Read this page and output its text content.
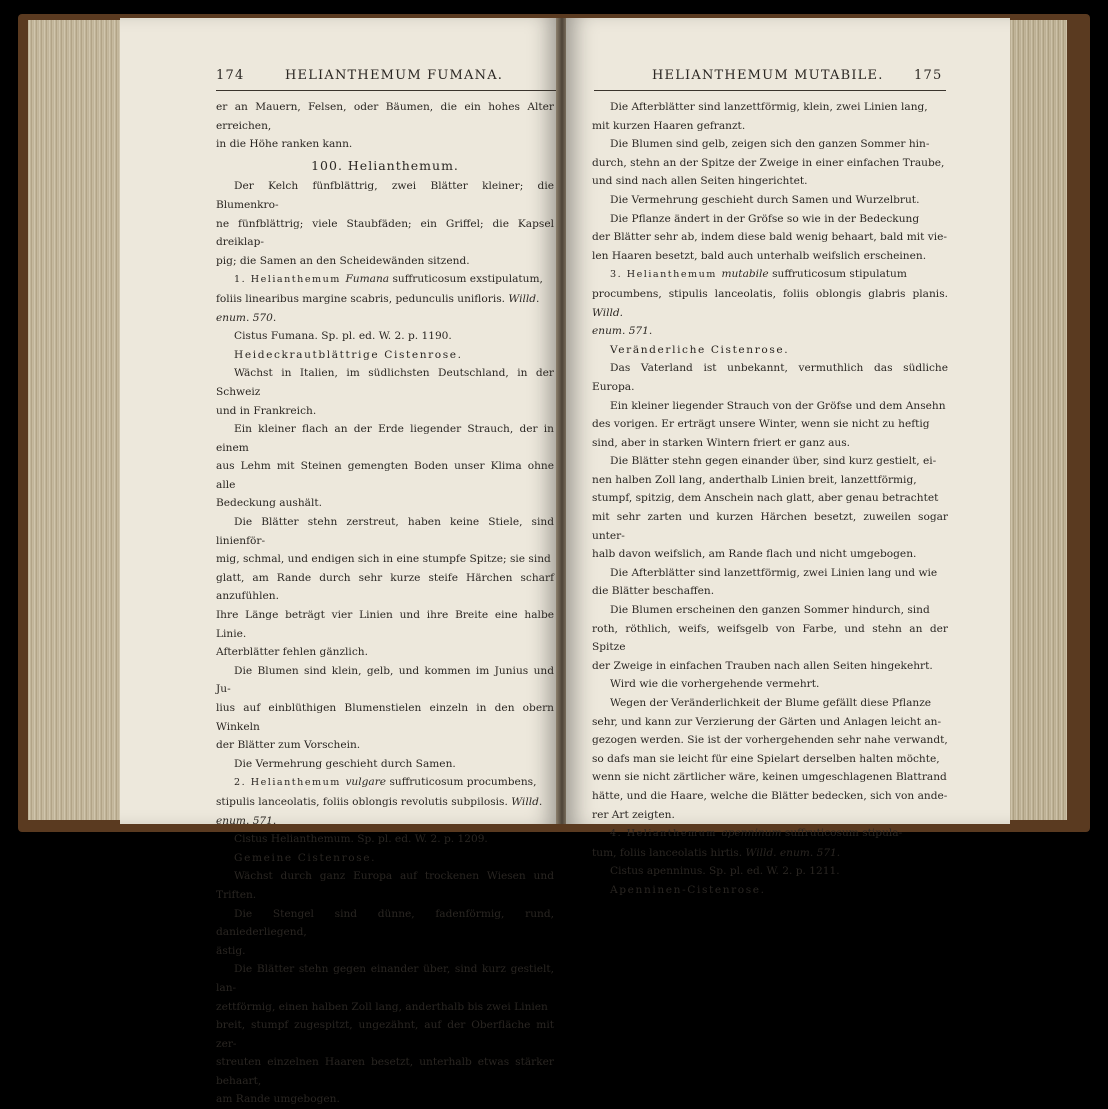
174	HELIANTHEMUM FUMANA.

er an Mauern, Felsen, oder Bäumen, die ein hohes Alter erreichen,

in die Höhe ranken kann.

100. Helianthemum.

Der Kelch fünfblättrig, zwei Blätter kleiner; die Blumenkro-

ne fünfblättrig; viele Staubfäden; ein Griffel; die Kapsel dreiklap-

pig; die Samen an den Scheidewänden sitzend.

1. Helianthemum Fumana suffruticosum exstipulatum,

foliis linearibus margine scabris, pedunculis unifloris. Willd.

enum. 570.

Cistus Fumana. Sp. pl. ed. W. 2. p. 1190.

Heideckrautblättrige Cistenrose.

Wächst in Italien, im südlichsten Deutschland, in der Schweiz

und in Frankreich.

Ein kleiner flach an der Erde liegender Strauch, der in einem

aus Lehm mit Steinen gemengten Boden unser Klima ohne alle

Bedeckung aushält.

Die Blätter stehn zerstreut, haben keine Stiele, sind linienför-

mig, schmal, und endigen sich in eine stumpfe Spitze; sie sind

glatt, am Rande durch sehr kurze steife Härchen scharf anzufühlen.

Ihre Länge beträgt vier Linien und ihre Breite eine halbe Linie.

Afterblätter fehlen gänzlich.

Die Blumen sind klein, gelb, und kommen im Junius und Ju-

lius auf einblüthigen Blumenstielen einzeln in den obern Winkeln

der Blätter zum Vorschein.

Die Vermehrung geschieht durch Samen.

2. Helianthemum vulgare suffruticosum procumbens,

stipulis lanceolatis, foliis oblongis revolutis subpilosis. Willd.

enum. 571.

Cistus Helianthemum. Sp. pl. ed. W. 2. p. 1209.

Gemeine Cistenrose.

Wächst durch ganz Europa auf trockenen Wiesen und Triften.

Die Stengel sind dünne, fadenförmig, rund, daniederliegend,

ästig.

Die Blätter stehn gegen einander über, sind kurz gestielt, lan-

zettförmig, einen halben Zoll lang, anderthalb bis zwei Linien

breit, stumpf zugespitzt, ungezähnt, auf der Oberfläche mit zer-

streuten einzelnen Haaren besetzt, unterhalb etwas stärker behaart,

am Rande umgebogen.

HELIANTHEMUM MUTABILE. 175

Die Afterblätter sind lanzettförmig, klein, zwei Linien lang,

mit kurzen Haaren gefranzt.

Die Blumen sind gelb, zeigen sich den ganzen Sommer hin-

durch, stehn an der Spitze der Zweige in einer einfachen Traube,

und sind nach allen Seiten hingerichtet.

Die Vermehrung geschieht durch Samen und Wurzelbrut.

Die Pflanze ändert in der Gröfse so wie in der Bedeckung

der Blätter sehr ab, indem diese bald wenig behaart, bald mit vie-

len Haaren besetzt, bald auch unterhalb weifslich erscheinen.

3. Helianthemum mutabile suffruticosum stipulatum

procumbens, stipulis lanceolatis, foliis oblongis glabris planis. Willd.

enum. 571.

Veränderliche Cistenrose.

Das Vaterland ist unbekannt, vermuthlich das südliche Europa.

Ein kleiner liegender Strauch von der Gröfse und dem Ansehn

des vorigen. Er erträgt unsere Winter, wenn sie nicht zu heftig

sind, aber in starken Wintern friert er ganz aus.

Die Blätter stehn gegen einander über, sind kurz gestielt, ei-

nen halben Zoll lang, anderthalb Linien breit, lanzettförmig,

stumpf, spitzig, dem Anschein nach glatt, aber genau betrachtet

mit sehr zarten und kurzen Härchen besetzt, zuweilen sogar unter-

halb davon weifslich, am Rande flach und nicht umgebogen.

Die Afterblätter sind lanzettförmig, zwei Linien lang und wie

die Blätter beschaffen.

Die Blumen erscheinen den ganzen Sommer hindurch, sind

roth, röthlich, weifs, weifsgelb von Farbe, und stehn an der Spitze

der Zweige in einfachen Trauben nach allen Seiten hingekehrt.

Wird wie die vorhergehende vermehrt.

Wegen der Veränderlichkeit der Blume gefällt diese Pflanze

sehr, und kann zur Verzierung der Gärten und Anlagen leicht an-

gezogen werden. Sie ist der vorhergehenden sehr nahe verwandt,

so dafs man sie leicht für eine Spielart derselben halten möchte,

wenn sie nicht zärtlicher wäre, keinen umgeschlagenen Blattrand

hätte, und die Haare, welche die Blätter bedecken, sich von ande-

rer Art zeigten.

4. Helianthemum apenninum suffruticosum stipula-

tum, foliis lanceolatis hirtis. Willd. enum. 571.

Cistus apenninus. Sp. pl. ed. W. 2. p. 1211.

Apenninen-Cistenrose.
